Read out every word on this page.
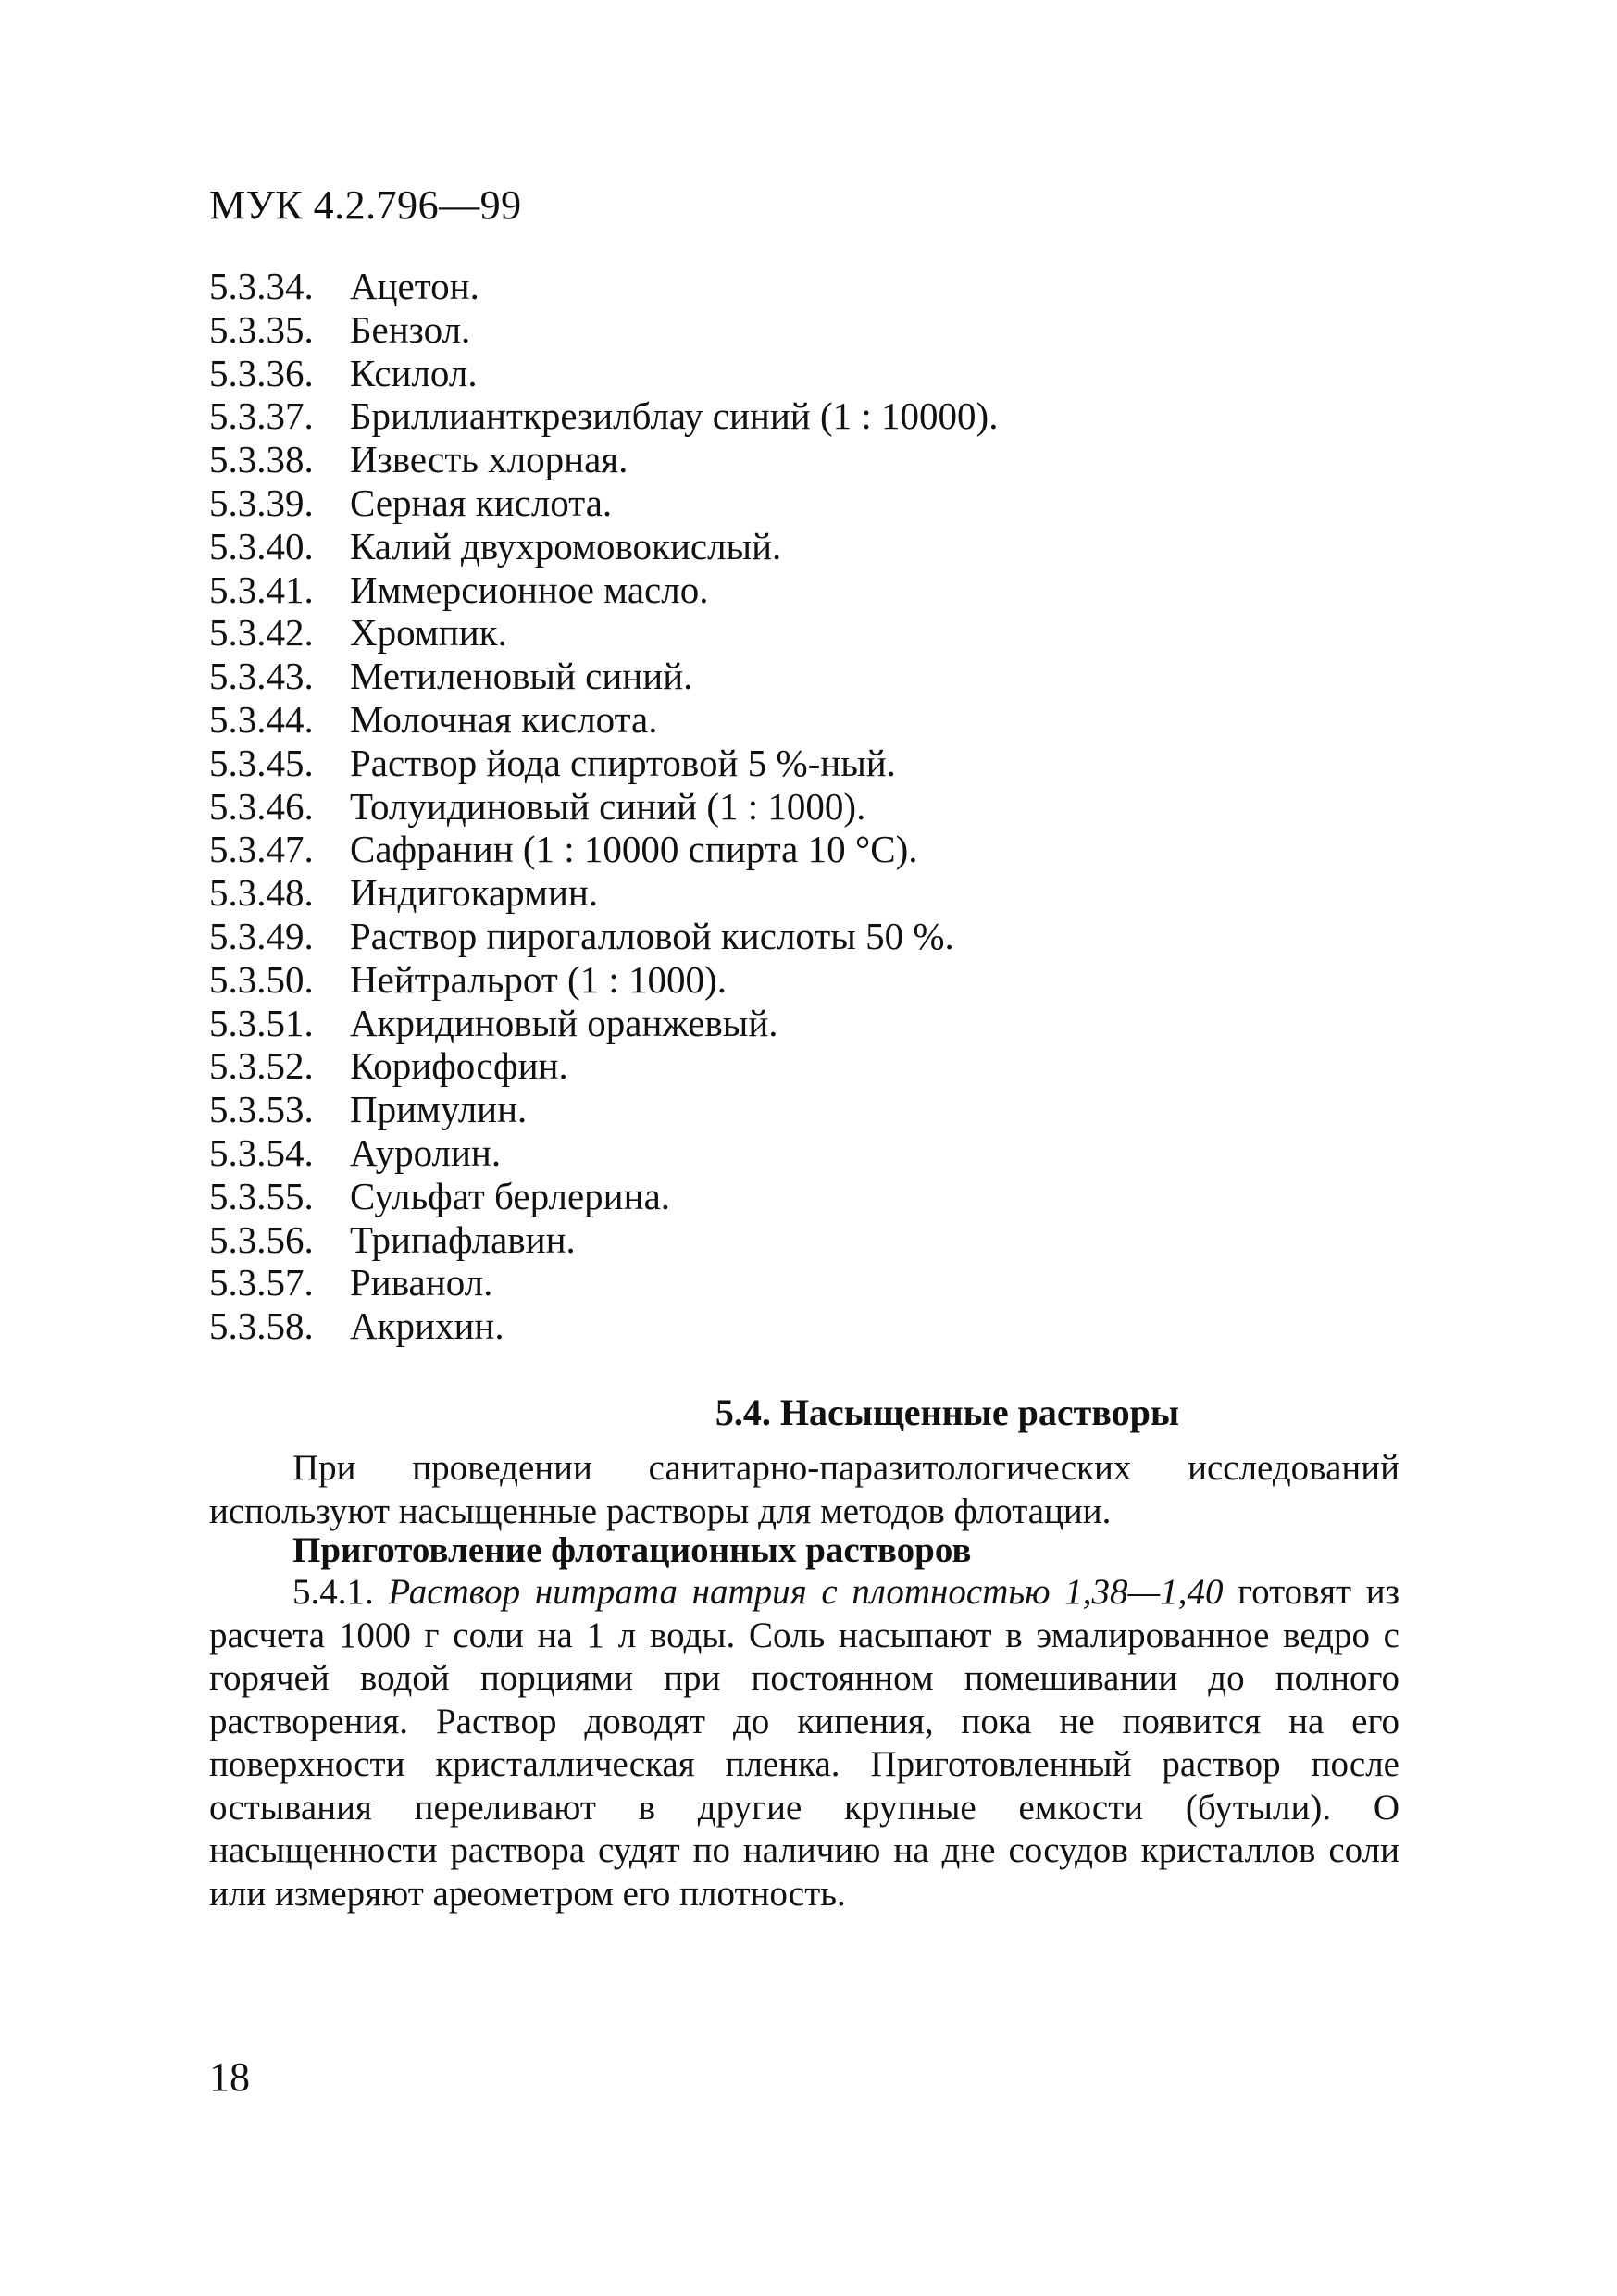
МУК 4.2.796—99
5.3.34. Ацетон.
5.3.35. Бензол.
5.3.36. Ксилол.
5.3.37. Бриллианткрезилблау синий (1 : 10000).
5.3.38. Известь хлорная.
5.3.39. Серная кислота.
5.3.40. Калий двухромовокислый.
5.3.41. Иммерсионное масло.
5.3.42. Хромпик.
5.3.43. Метиленовый синий.
5.3.44. Молочная кислота.
5.3.45. Раствор йода спиртовой 5 %-ный.
5.3.46. Толуидиновый синий (1 : 1000).
5.3.47. Сафранин (1 : 10000 спирта 10 °С).
5.3.48. Индигокармин.
5.3.49. Раствор пирогалловой кислоты 50 %.
5.3.50. Нейтральрот (1 : 1000).
5.3.51. Акридиновый оранжевый.
5.3.52. Корифосфин.
5.3.53. Примулин.
5.3.54. Ауролин.
5.3.55. Сульфат берлерина.
5.3.56. Трипафлавин.
5.3.57. Риванол.
5.3.58. Акрихин.
5.4. Насыщенные растворы

При проведении санитарно-паразитологических исследований используют насыщенные растворы для методов флотации.

Приготовление флотационных растворов

5.4.1. Раствор нитрата натрия с плотностью 1,38—1,40 готовят из расчета 1000 г соли на 1 л воды. Соль насыпают в эмалированное ведро с горячей водой порциями при постоянном помешивании до полного растворения. Раствор доводят до кипения, пока не появится на его поверхности кристаллическая пленка. Приготовленный раствор после остывания переливают в другие крупные емкости (бутыли). О насыщенности раствора судят по наличию на дне сосудов кристаллов соли или измеряют ареометром его плотность.

18
